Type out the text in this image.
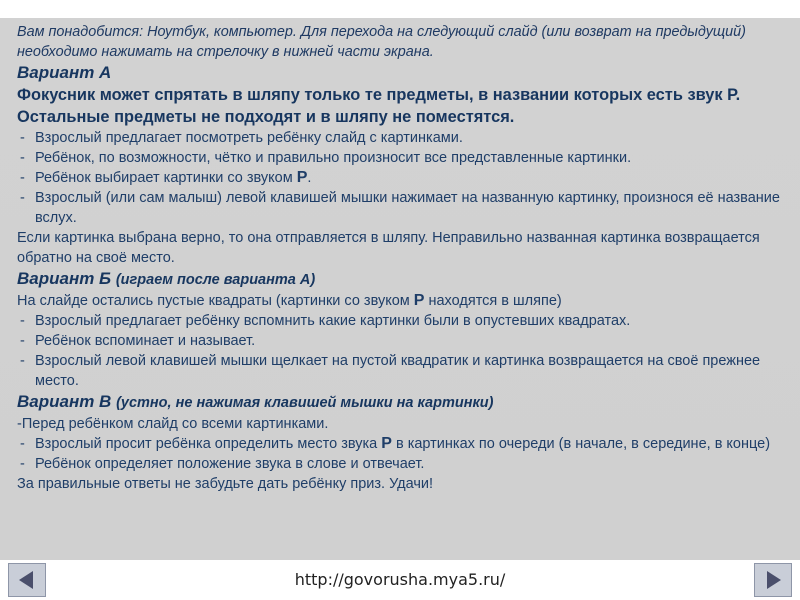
Вам понадобится: Ноутбук, компьютер. Для перехода на следующий слайд (или возврат на предыдущий) необходимо нажимать на стрелочку в нижней части экрана.

Вариант А

Фокусник может спрятать в шляпу только те предметы, в названии которых есть звук Р. Остальные предметы не подходят и в шляпу не поместятся.

- Взрослый предлагает посмотреть ребёнку слайд с картинками.

- Ребёнок, по возможности, чётко и правильно произносит все представленные картинки.

- Ребёнок выбирает картинки со звуком Р.

- Взрослый (или сам малыш) левой клавишей мышки нажимает на названную картинку, произнося её название вслух.

Если картинка выбрана верно, то она отправляется в шляпу. Неправильно названная картинка возвращается обратно на своё место.

Вариант Б (играем после варианта А)

На слайде остались пустые квадраты (картинки со звуком Р находятся в шляпе)

- Взрослый предлагает ребёнку вспомнить какие картинки были в опустевших квадратах.

- Ребёнок вспоминает и называет.

- Взрослый левой клавишей мышки щелкает на пустой квадратик и картинка возвращается на своё прежнее место.

Вариант В (устно, не нажимая клавишей мышки на картинки)

-Перед ребёнком слайд со всеми картинками.

- Взрослый просит ребёнка определить место звука Р в картинках по очереди (в начале, в середине, в конце)

- Ребёнок определяет положение звука в слове и отвечает.

За правильные ответы не забудьте дать ребёнку приз. Удачи!

http://govorusha.mya5.ru/
